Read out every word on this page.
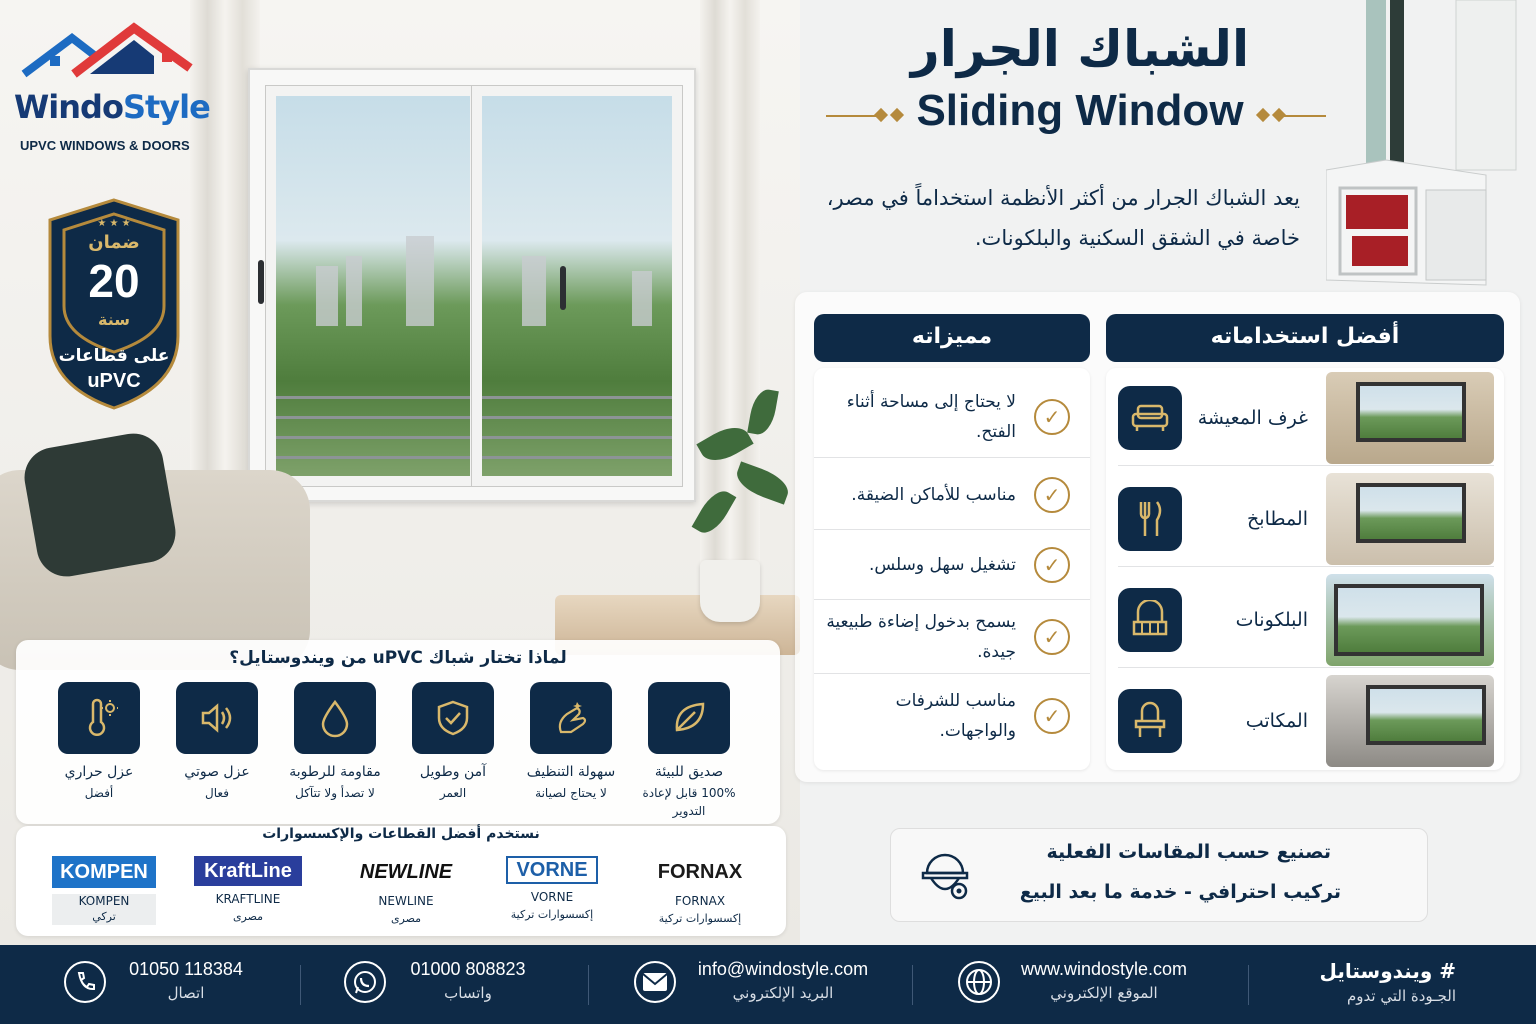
WindoStyle
UPVC WINDOWS & DOORS
★ ★ ★
ضمان
20
سنة
على قطاعات
uPVC
الشباك الجرار
Sliding Window
يعد الشباك الجرار من أكثر الأنظمة استخداماً في مصر، خاصة في الشقق السكنية والبلكونات.
أفضل استخداماته
مميزاته
لا يحتاج إلى مساحة أثناء الفتح.
✓
مناسب للأماكن الضيقة.	✓
تشغيل سهل وسلس.	✓
يسمح بدخول إضاءة طبيعية جيدة.
✓
مناسب للشرفات والواجهات.
✓
غرف المعيشة
المطابخ
البلكونات
المكاتب
لماذا تختار شباك uPVC من ويندوستايل؟
صديق للبيئة
100% قابل لإعادة التدوير
سهولة التنظيف
لا يحتاج لصيانة
آمن وطويل
العمر
مقاومة للرطوبة
لا تصدأ ولا تتآكل
عزل صوتي
فعال
عزل حراري
أفضل
نستخدم أفضل القطاعات والإكسسوارات
FORNAX
FORNAX
إكسسوارات تركية
VORNE
VORNE
إكسسوارات تركية
NEWLINE
NEWLINE
مصرى
KraftLine
KRAFTLINE
مصرى
KOMPEN
KOMPEN
تركي
تصنيع حسب المقاسات الفعلية
تركيب احترافي - خدمة ما بعد البيع
# ويندوستايل
الجـودة التي تدوم
www.windostyle.com
الموقع الإلكتروني
info@windostyle.com
البريد الإلكتروني
01000 808823
واتساب
01050 118384
اتصال
